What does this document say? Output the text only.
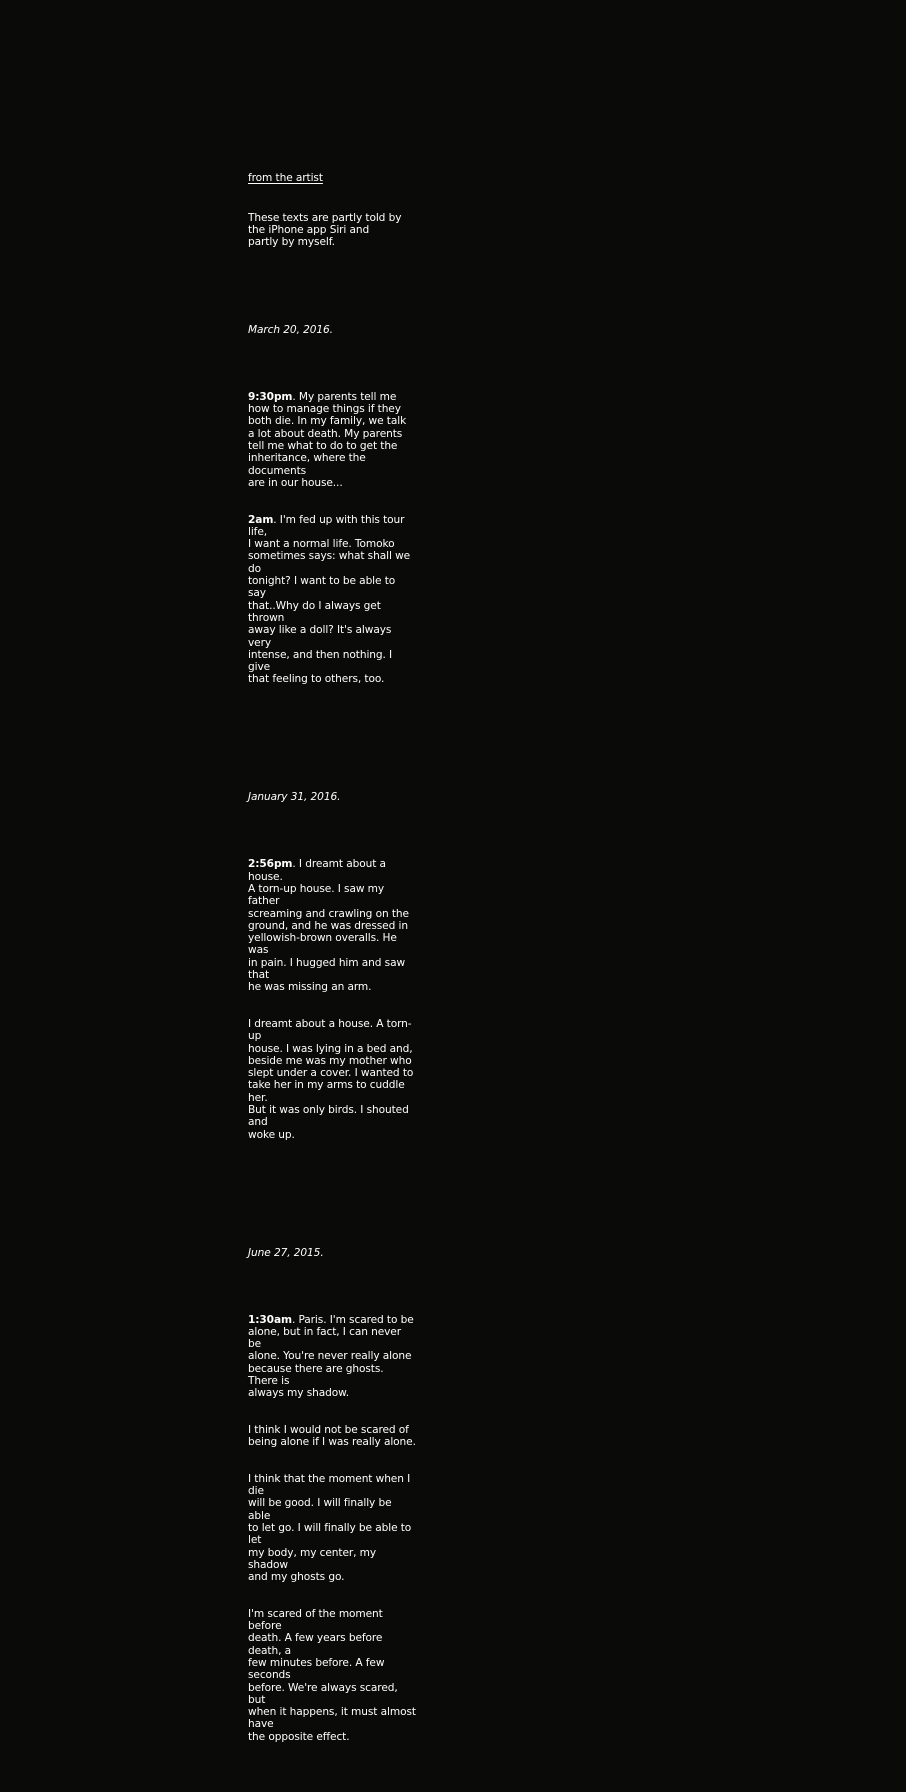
from the artist

These texts are partly told by
the iPhone app Siri and
partly by myself.

March 20, 2016.

9:30pm. My parents tell me
how to manage things if they
both die. In my family, we talk
a lot about death. My parents
tell me what to do to get the
inheritance, where the documents
are in our house...

2am. I'm fed up with this tour life,
I want a normal life. Tomoko
sometimes says: what shall we do
tonight? I want to be able to say
that..Why do I always get thrown
away like a doll? It's always very
intense, and then nothing. I give
that feeling to others, too.

January 31, 2016.

2:56pm. I dreamt about a house.
A torn-up house. I saw my father
screaming and crawling on the
ground, and he was dressed in
yellowish-brown overalls. He was
in pain. I hugged him and saw that
he was missing an arm.

I dreamt about a house. A torn-up
house. I was lying in a bed and,
beside me was my mother who
slept under a cover. I wanted to
take her in my arms to cuddle her.
But it was only birds. I shouted and
woke up.

June 27, 2015.

1:30am. Paris. I'm scared to be
alone, but in fact, I can never be
alone. You're never really alone
because there are ghosts. There is
always my shadow.

I think I would not be scared of
being alone if I was really alone.

I think that the moment when I die
will be good. I will finally be able
to let go. I will finally be able to let
my body, my center, my shadow
and my ghosts go.

I'm scared of the moment before
death. A few years before death, a
few minutes before. A few seconds
before. We're always scared, but
when it happens, it must almost have
the opposite effect.
